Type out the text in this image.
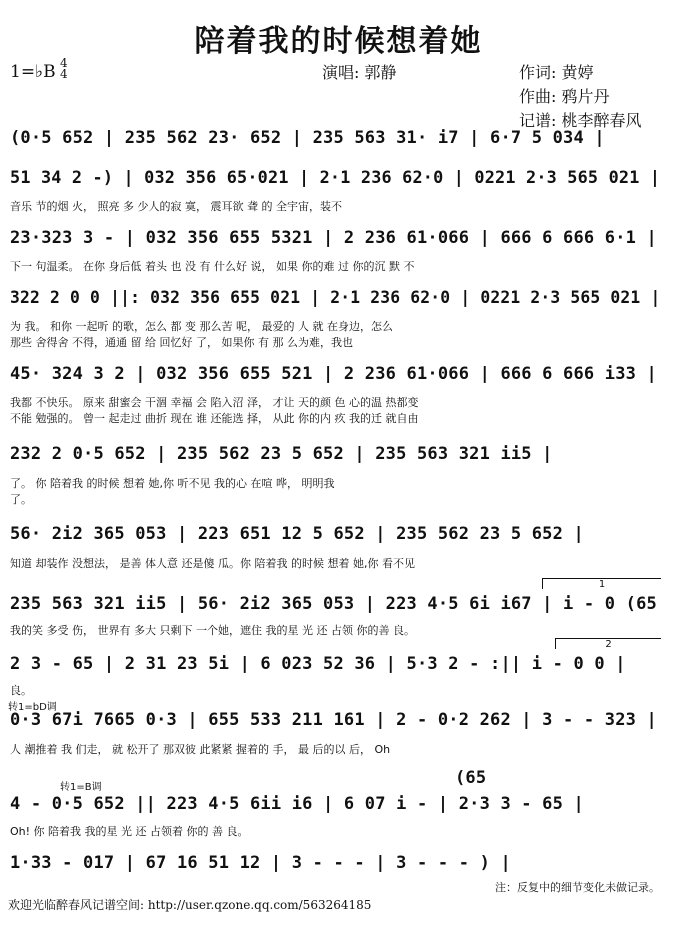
陪着我的时候想着她
1=♭B 4
4	演唱: 郭静	作词: 黄婷
作曲: 鸦片丹
记谱: 桃李醉春风
(0·5 652 | 235 562 23· 652 | 235 563 31· i7 | 6·7 5 034 |
51 34 2 -) | 032 356 65·021 | 2·1 236 62·0 | 0221 2·3 565 021 |
音乐 节的烟 火， 照亮 多 少人的寂 寞， 震耳欲 聋 的 全宇宙，装不
23·323 3 - | 032 356 655 5321 | 2 236 61·066 | 666 6 666 6·1 |
下一 句温柔。 在你 身后低 着头 也 没 有 什么好 说， 如果 你的难 过 你的沉 默 不
322 2 0 0 ||: 032 356 655 021 | 2·1 236 62·0 | 0221 2·3 565 021 |
为 我。 和你 一起听 的歌，怎么 都 变 那么苦 呢， 最爱的 人 就 在身边，怎么
那些 舍得舍 不得，通通 留 给 回忆好 了， 如果你 有 那 么为难，我也
45· 324 3 2 | 032 356 655 521 | 2 236 61·066 | 666 6 666 i33 |
我都 不快乐。 原来 甜蜜会 干涸 幸福 会 陷入沼 泽， 才让 天的颜 色 心的温 热都变
不能 勉强的。 曾一 起走过 曲折 现在 谁 还能选 择， 从此 你的内 疚 我的迁 就自由
232 2 0·5 652 | 235 562 23 5 652 | 235 563 321 ii5 |
了。 你 陪着我 的时候 想着 她,你 听不见 我的心 在喧 哗， 明明我
了。
56· 2i2 365 053 | 223 651 12 5 652 | 235 562 23 5 652 |
知道 却装作 没想法， 是善 体人意 还是傻 瓜。你 陪着我 的时候 想着 她,你 看不见
1
235 563 321 ii5 | 56· 2i2 365 053 | 223 4·5 6i i67 | i - 0 (65
我的笑 多受 伤， 世界有 多大 只剩下 一个她，遮住 我的星 光 还 占领 你的善 良。
2
2 3 - 65 | 2 31 23 5i | 6 023 52 36 | 5·3 2 - :|| i - 0 0 |
良。
转1=bD调
0·3 67i 7665 0·3 | 655 533 211 161 | 2 - 0·2 262 | 3 - - 323 |
人 潮推着 我 们走， 就 松开了 那双彼 此紧紧 握着的 手， 最 后的以 后， Oh
(65
转1=B调
4 - 0·5 652 || 223 4·5 6ii i6 | 6 07 i - | 2·3 3 - 65 |
Oh! 你 陪着我 我的星 光 还 占领着 你的 善 良。
1·33 - 017 | 67 16 51 12 | 3 - - - | 3 - - - ) |
注：反复中的细节变化未做记录。
欢迎光临醉春风记谱空间: http://user.qzone.qq.com/563264185
